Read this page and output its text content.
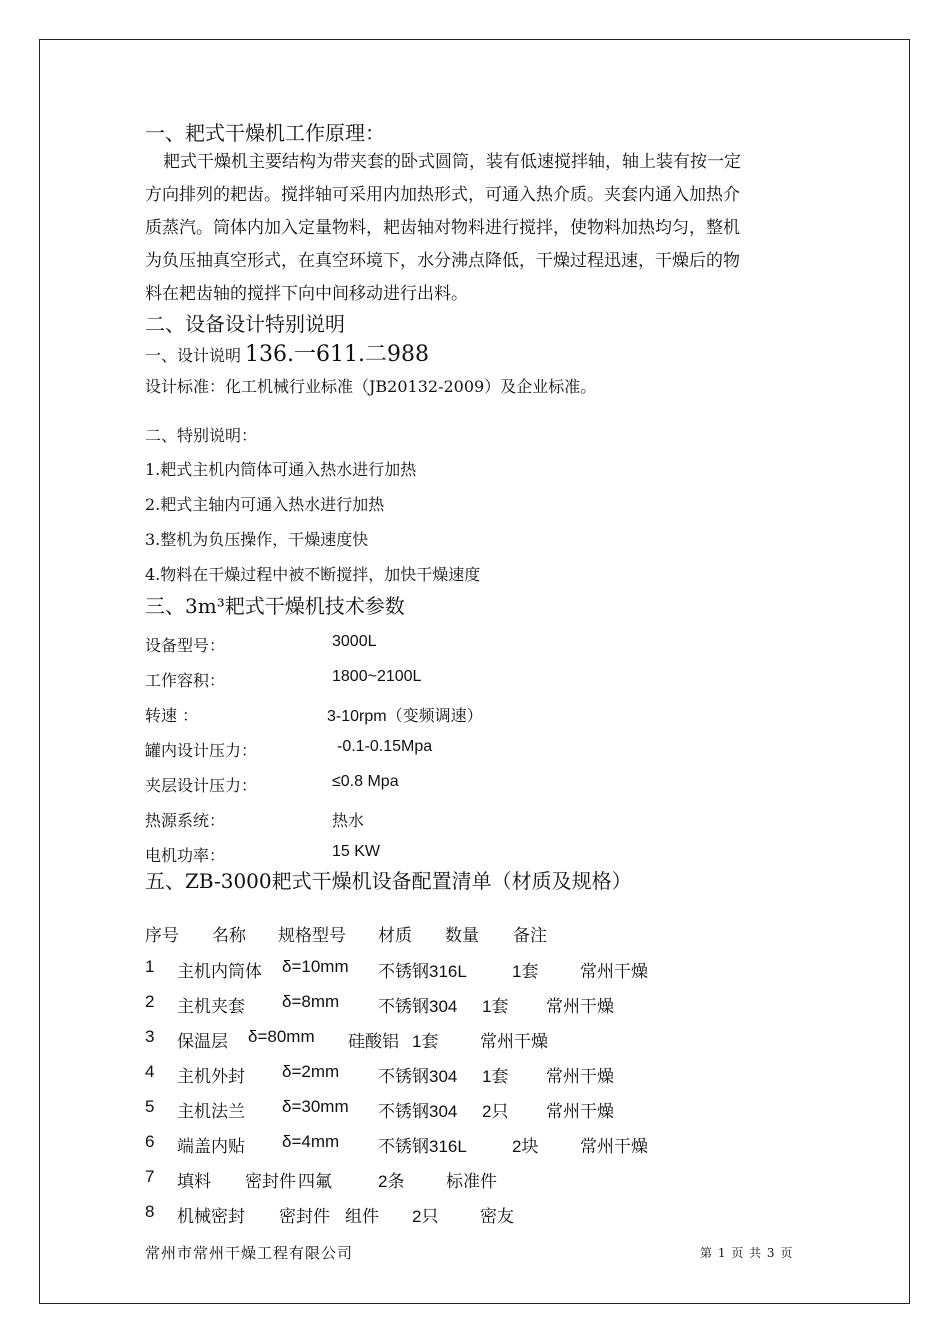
一、耙式干燥机工作原理：
耙式干燥机主要结构为带夹套的卧式圆筒，装有低速搅拌轴，轴上装有按一定
方向排列的耙齿。搅拌轴可采用内加热形式，可通入热介质。夹套内通入加热介
质蒸汽。筒体内加入定量物料，耙齿轴对物料进行搅拌，使物料加热均匀，整机
为负压抽真空形式，在真空环境下，水分沸点降低，干燥过程迅速，干燥后的物
料在耙齿轴的搅拌下向中间移动进行出料。
二、设备设计特别说明
一、设计说明 136.一611.二988
设计标准：化工机械行业标准（JB20132-2009）及企业标准。
二、特别说明：
1.耙式主机内筒体可通入热水进行加热
2.耙式主轴内可通入热水进行加热
3.整机为负压操作，干燥速度快
4.物料在干燥过程中被不断搅拌，加快干燥速度
三、3m³耙式干燥机技术参数
设备型号：	3000L
工作容积：	1800~2100L
转速 ：	3-10rpm（变频调速）
罐内设计压力：	-0.1-0.15Mpa
夹层设计压力：	≤0.8 Mpa
热源系统：	热水
电机功率：	15 KW
五、ZB-3000耙式干燥机设备配置清单（材质及规格）
序号 名称 规格型号 材质 数量 备注
1 主机内筒体 δ=10mm 不锈钢316L	1套 常州干燥
2 主机夹套 δ=8mm 不锈钢304 1套 常州干燥
3 保温层 δ=80mm 硅酸铝 1套 常州干燥
4 主机外封 δ=2mm 不锈钢304 1套 常州干燥
5 主机法兰 δ=30mm 不锈钢304 2只 常州干燥
6 端盖内贴 δ=4mm 不锈钢316L	2块 常州干燥
7 填料 密封件 四氟	2条 标准件
8 机械密封 密封件 组件 2只 密友
常州市常州干燥工程有限公司	第 1 页 共 3 页
